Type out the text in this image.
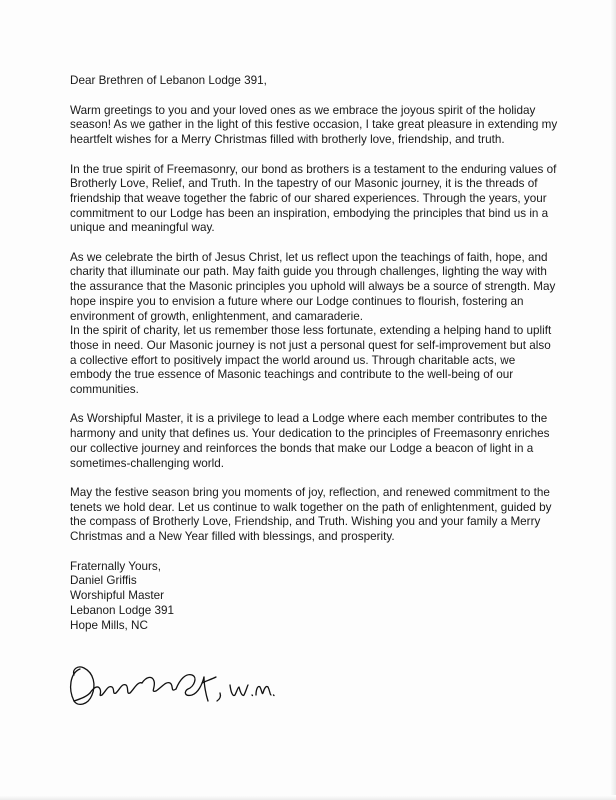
Dear Brethren of Lebanon Lodge 391,

Warm greetings to you and your loved ones as we embrace the joyous spirit of the holiday season! As we gather in the light of this festive occasion, I take great pleasure in extending my heartfelt wishes for a Merry Christmas filled with brotherly love, friendship, and truth.

In the true spirit of Freemasonry, our bond as brothers is a testament to the enduring values of Brotherly Love, Relief, and Truth. In the tapestry of our Masonic journey, it is the threads of friendship that weave together the fabric of our shared experiences. Through the years, your commitment to our Lodge has been an inspiration, embodying the principles that bind us in a unique and meaningful way.

As we celebrate the birth of Jesus Christ, let us reflect upon the teachings of faith, hope, and charity that illuminate our path. May faith guide you through challenges, lighting the way with the assurance that the Masonic principles you uphold will always be a source of strength. May hope inspire you to envision a future where our Lodge continues to flourish, fostering an environment of growth, enlightenment, and camaraderie.

In the spirit of charity, let us remember those less fortunate, extending a helping hand to uplift those in need. Our Masonic journey is not just a personal quest for self-improvement but also a collective effort to positively impact the world around us. Through charitable acts, we embody the true essence of Masonic teachings and contribute to the well-being of our communities.

As Worshipful Master, it is a privilege to lead a Lodge where each member contributes to the harmony and unity that defines us. Your dedication to the principles of Freemasonry enriches our collective journey and reinforces the bonds that make our Lodge a beacon of light in a sometimes-challenging world.

May the festive season bring you moments of joy, reflection, and renewed commitment to the tenets we hold dear. Let us continue to walk together on the path of enlightenment, guided by the compass of Brotherly Love, Friendship, and Truth. Wishing you and your family a Merry Christmas and a New Year filled with blessings, and prosperity.

Fraternally Yours,
Daniel Griffis
Worshipful Master
Lebanon Lodge 391
Hope Mills, NC
